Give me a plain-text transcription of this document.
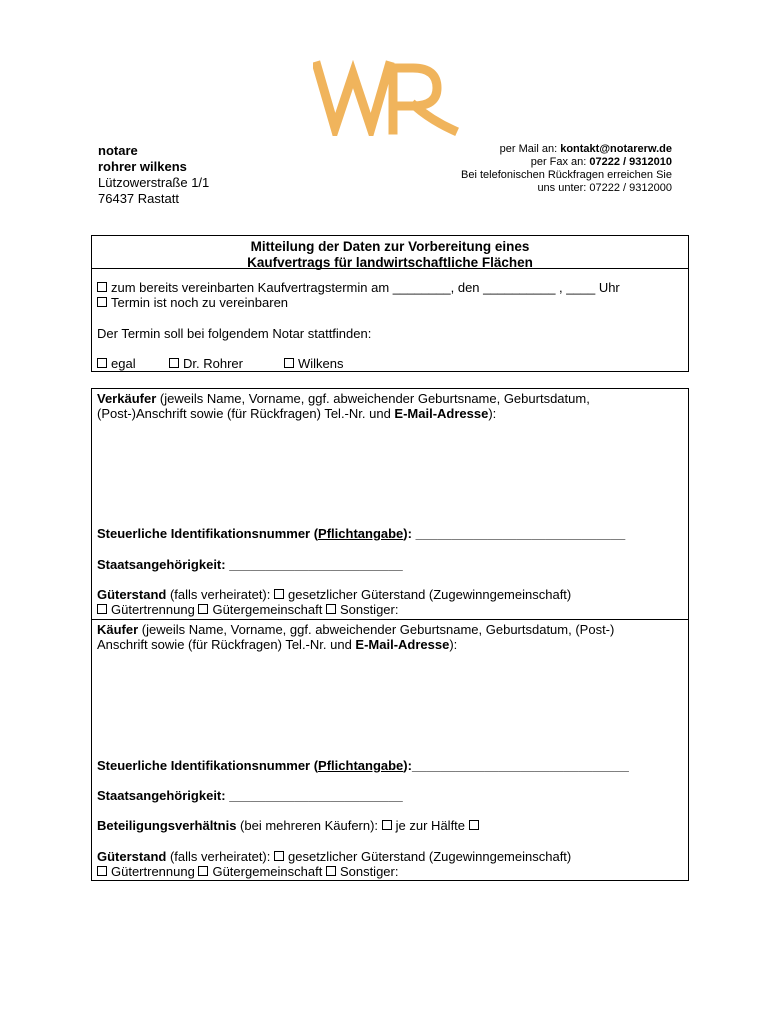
notare
rohrer wilkens
Lützowerstraße 1/1
76437 Rastatt
per Mail an: kontakt@notarerw.de
per Fax an: 07222 / 9312010
Bei telefonischen Rückfragen erreichen Sie
uns unter: 07222 / 9312000
Mitteilung der Daten zur Vorbereitung eines
Kaufvertrags für landwirtschaftliche Flächen
zum bereits vereinbarten Kaufvertragstermin am ________, den __________ , ____ Uhr
Termin ist noch zu vereinbaren
Der Termin soll bei folgendem Notar stattfinden:
egal	Dr. Rohrer	Wilkens
Verkäufer (jeweils Name, Vorname, ggf. abweichender Geburtsname, Geburtsdatum,
(Post-)Anschrift sowie (für Rückfragen) Tel.-Nr. und E-Mail-Adresse):
Steuerliche Identifikationsnummer (Pflichtangabe): _____________________________
Staatsangehörigkeit: ________________________
Güterstand (falls verheiratet): gesetzlicher Güterstand (Zugewinngemeinschaft)
Gütertrennung Gütergemeinschaft Sonstiger:
Käufer (jeweils Name, Vorname, ggf. abweichender Geburtsname, Geburtsdatum, (Post-)
Anschrift sowie (für Rückfragen) Tel.-Nr. und E-Mail-Adresse):
Steuerliche Identifikationsnummer (Pflichtangabe):______________________________
Staatsangehörigkeit: ________________________
Beteiligungsverhältnis (bei mehreren Käufern): je zur Hälfte
Güterstand (falls verheiratet): gesetzlicher Güterstand (Zugewinngemeinschaft)
Gütertrennung Gütergemeinschaft Sonstiger:
